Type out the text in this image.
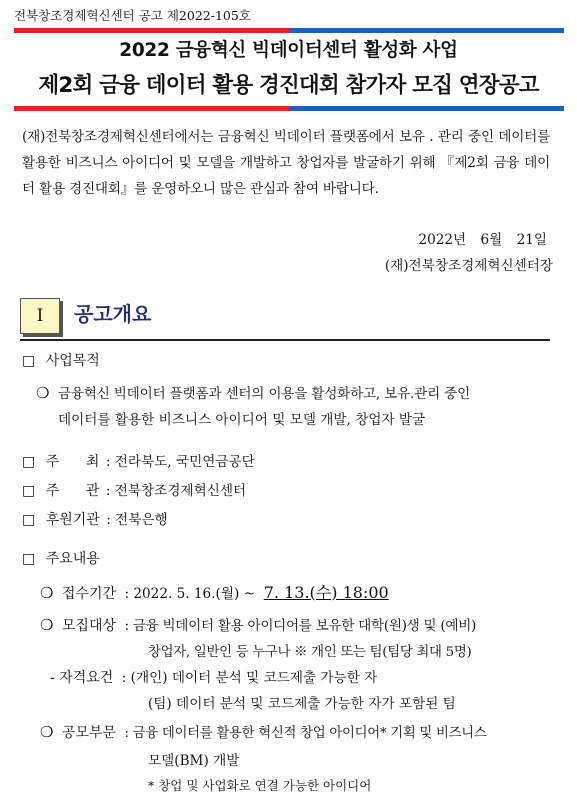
전북창조경제혁신센터 공고 제2022-105호
2022 금융혁신 빅데이터센터 활성화 사업
제2회 금융 데이터 활용 경진대회 참가자 모집 연장공고
(재)전북창조경제혁신센터에서는 금융혁신 빅데이터 플랫폼에서 보유 . 관리 중인 데이터를 활용한 비즈니스 아이디어 및 모델을 개발하고 창업자를 발굴하기 위해 『제2회 금융 데이터 활용 경진대회』를 운영하오니 많은 관심과 참여 바랍니다.
2022년 6월 21일
(재)전북창조경제혁신센터장
Ⅰ 공고개요
□ 사업목적
❍ 금융혁신 빅데이터 플랫폼과 센터의 이용을 활성화하고, 보유.관리 중인
데이터를 활용한 비즈니스 아이디어 및 모델 개발, 창업자 발굴
□ 주      최 : 전라북도, 국민연금공단
□ 주      관 : 전북창조경제혁신센터
□ 후원기관 : 전북은행
□ 주요내용
❍ 접수기간 : 2022. 5. 16.(월) ~  7. 13.(수) 18:00
❍ 모집대상 : 금융 빅데이터 활용 아이디어를 보유한 대학(원)생 및 (예비)
창업자, 일반인 등 누구나 ※ 개인 또는 팀(팀당 최대 5명)
- 자격요건 : (개인) 데이터 분석 및 코드제출 가능한 자
(팀) 데이터 분석 및 코드제출 가능한 자가 포함된 팀
❍ 공모부문 : 금융 데이터를 활용한 혁신적 창업 아이디어* 기획 및 비즈니스
모델(BM) 개발
* 창업 및 사업화로 연결 가능한 아이디어
